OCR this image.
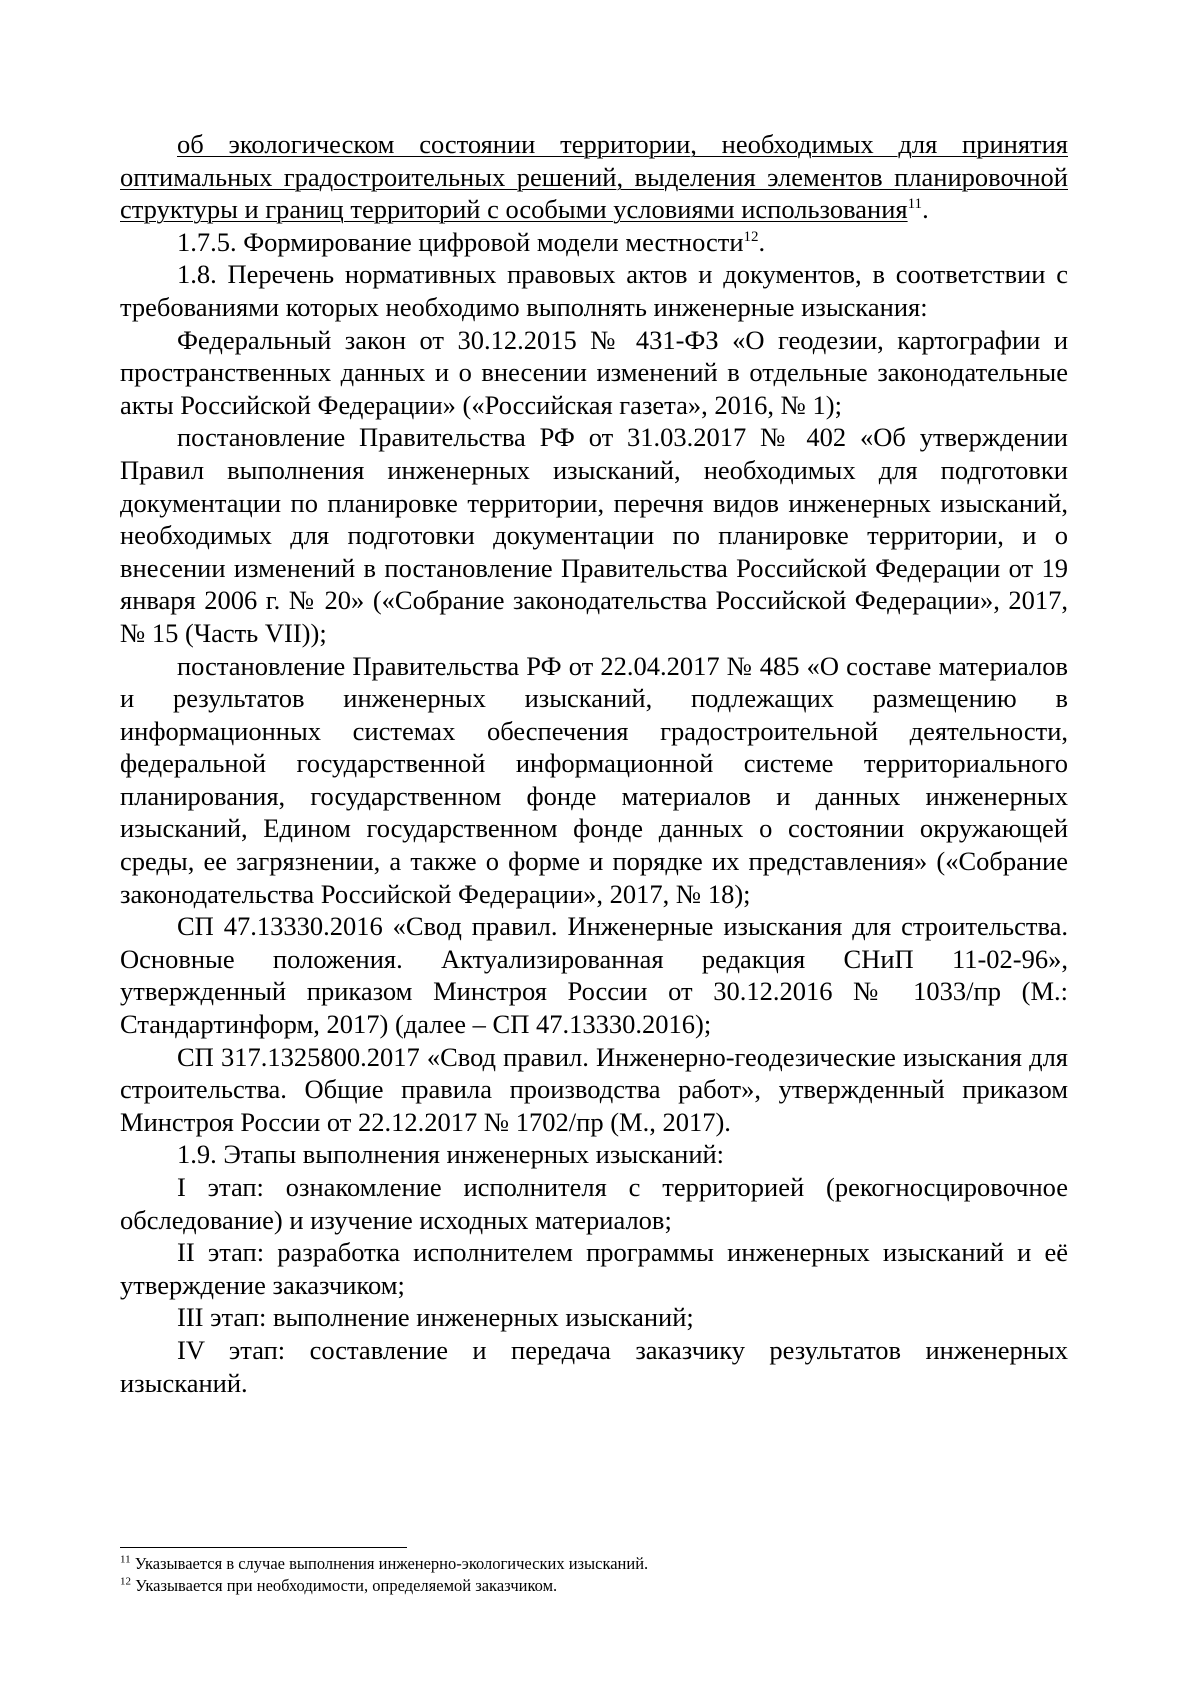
об экологическом состоянии территории, необходимых для принятия оптимальных градостроительных решений, выделения элементов планировочной структуры и границ территорий с особыми условиями использования$^{11}$.

1.7.5. Формирование цифровой модели местности$^{12}$.

1.8. Перечень нормативных правовых актов и документов, в соответствии с требованиями которых необходимо выполнять инженерные изыскания:

Федеральный закон от 30.12.2015 № 431-ФЗ «О геодезии, картографии и пространственных данных и о внесении изменений в отдельные законодательные акты Российской Федерации» («Российская газета», 2016, № 1);

постановление Правительства РФ от 31.03.2017 № 402 «Об утверждении Правил выполнения инженерных изысканий, необходимых для подготовки документации по планировке территории, перечня видов инженерных изысканий, необходимых для подготовки документации по планировке территории, и о внесении изменений в постановление Правительства Российской Федерации от 19 января 2006 г. № 20» («Собрание законодательства Российской Федерации», 2017, № 15 (Часть VII));

постановление Правительства РФ от 22.04.2017 № 485 «О составе материалов и результатов инженерных изысканий, подлежащих размещению в информационных системах обеспечения градостроительной деятельности, федеральной государственной информационной системе территориального планирования, государственном фонде материалов и данных инженерных изысканий, Едином государственном фонде данных о состоянии окружающей среды, ее загрязнении, а также о форме и порядке их представления» («Собрание законодательства Российской Федерации», 2017, № 18);

СП 47.13330.2016 «Свод правил. Инженерные изыскания для строительства. Основные положения. Актуализированная редакция СНиП 11-02-96», утвержденный приказом Минстроя России от 30.12.2016 № 1033/пр (М.: Стандартинформ, 2017) (далее – СП 47.13330.2016);

СП 317.1325800.2017 «Свод правил. Инженерно-геодезические изыскания для строительства. Общие правила производства работ», утвержденный приказом Минстроя России от 22.12.2017 № 1702/пр (М., 2017).

1.9. Этапы выполнения инженерных изысканий:

I этап: ознакомление исполнителя с территорией (рекогносцировочное обследование) и изучение исходных материалов;

II этап: разработка исполнителем программы инженерных изысканий и её утверждение заказчиком;

III этап: выполнение инженерных изысканий;

IV этап: составление и передача заказчику результатов инженерных изысканий.

$^{11}$ Указывается в случае выполнения инженерно-экологических изысканий.

$^{12}$ Указывается при необходимости, определяемой заказчиком.
